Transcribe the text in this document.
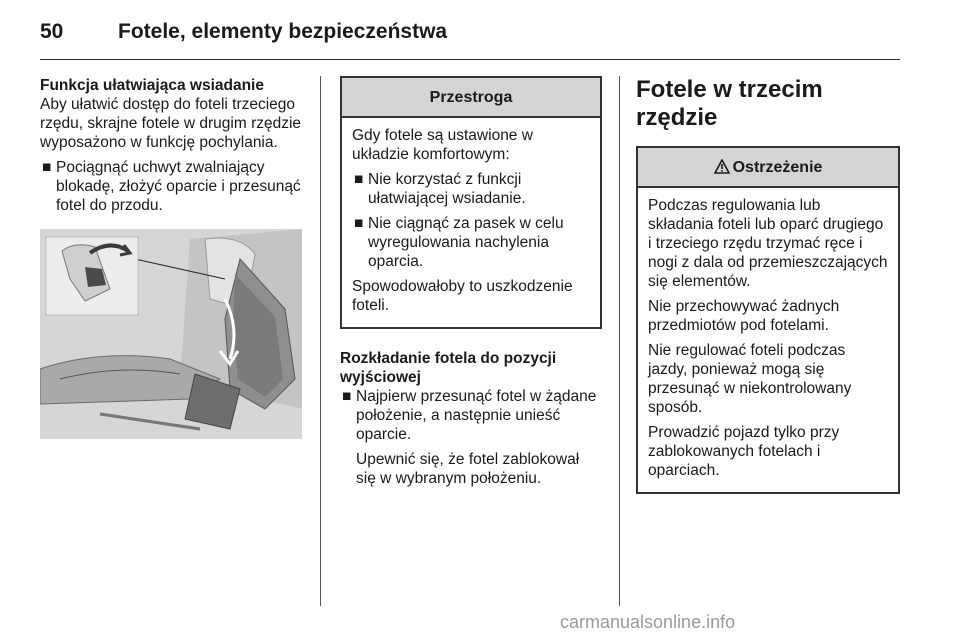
50	Fotele, elementy bezpieczeństwa
Funkcja ułatwiająca wsiadanie

Aby ułatwić dostęp do foteli trzeciego rzędu, skrajne fotele w drugim rzędzie wyposażono w funkcję pochylania.

■ Pociągnąć uchwyt zwalniający blokadę, złożyć oparcie i przesunąć fotel do przodu.
Przestroga

Gdy fotele są ustawione w układzie komfortowym:

■ Nie korzystać z funkcji ułatwiającej wsiadanie.
■ Nie ciągnąć za pasek w celu wyregulowania nachylenia oparcia.

Spowodowałoby to uszkodzenie foteli.

Rozkładanie fotela do pozycji wyjściowej
■ Najpierw przesunąć fotel w żądane położenie, a następnie unieść oparcie.

Upewnić się, że fotel zablokował się w wybranym położeniu.

Fotele w trzecim rzędzie
Ostrzeżenie

Podczas regulowania lub składania foteli lub oparć drugiego i trzeciego rzędu trzymać ręce i nogi z dala od przemieszczających się elementów.

Nie przechowywać żadnych przedmiotów pod fotelami.

Nie regulować foteli podczas jazdy, ponieważ mogą się przesunąć w niekontrolowany sposób.

Prowadzić pojazd tylko przy zablokowanych fotelach i oparciach.

carmanualsonline.info
